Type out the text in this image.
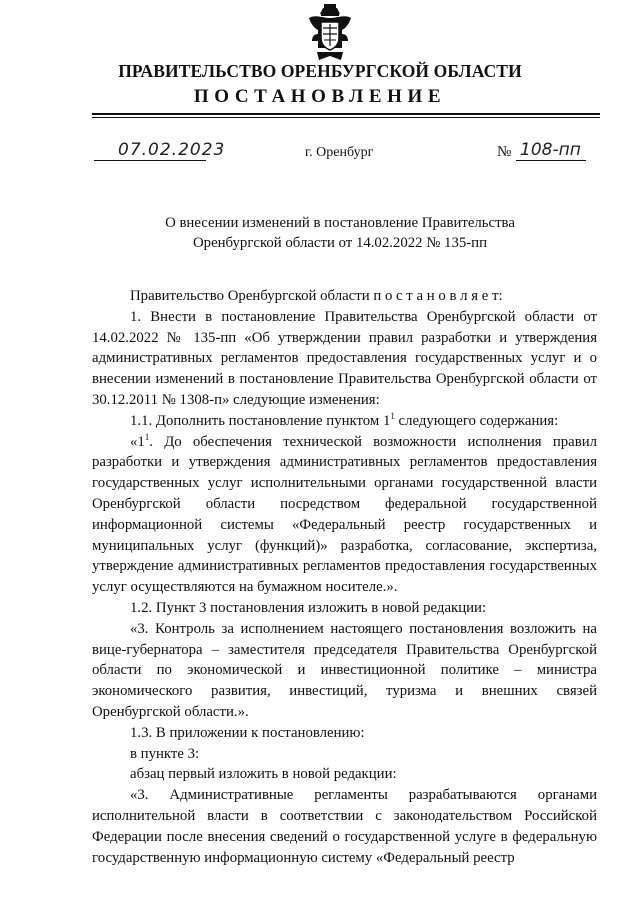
ПРАВИТЕЛЬСТВО ОРЕНБУРГСКОЙ ОБЛАСТИ
ПОСТАНОВЛЕНИЕ
07.02.2023	г. Оренбург	№ 108-пп
О внесении изменений в постановление Правительства
Оренбургской области от 14.02.2022 № 135-пп

Правительство Оренбургской области п о с т а н о в л я е т:

1. Внести в постановление Правительства Оренбургской области от 14.02.2022 № 135-пп «Об утверждении правил разработки и утверждения административных регламентов предоставления государственных услуг и о внесении изменений в постановление Правительства Оренбургской области от 30.12.2011 № 1308-п» следующие изменения:

1.1. Дополнить постановление пунктом $1^1$ следующего содержания:

«$1^1$. До обеспечения технической возможности исполнения правил разработки и утверждения административных регламентов предоставления государственных услуг исполнительными органами государственной власти Оренбургской области посредством федеральной государственной информационной системы «Федеральный реестр государственных и муниципальных услуг (функций)» разработка, согласование, экспертиза, утверждение административных регламентов предоставления государственных услуг осуществляются на бумажном носителе.».

1.2. Пункт 3 постановления изложить в новой редакции:

«3. Контроль за исполнением настоящего постановления возложить на вице-губернатора – заместителя председателя Правительства Оренбургской области по экономической и инвестиционной политике – министра экономического развития, инвестиций, туризма и внешних связей Оренбургской области.».

1.3. В приложении к постановлению:

в пункте 3:

абзац первый изложить в новой редакции:

«3. Административные регламенты разрабатываются органами исполнительной власти в соответствии с законодательством Российской Федерации после внесения сведений о государственной услуге в федеральную государственную информационную систему «Федеральный реестр
